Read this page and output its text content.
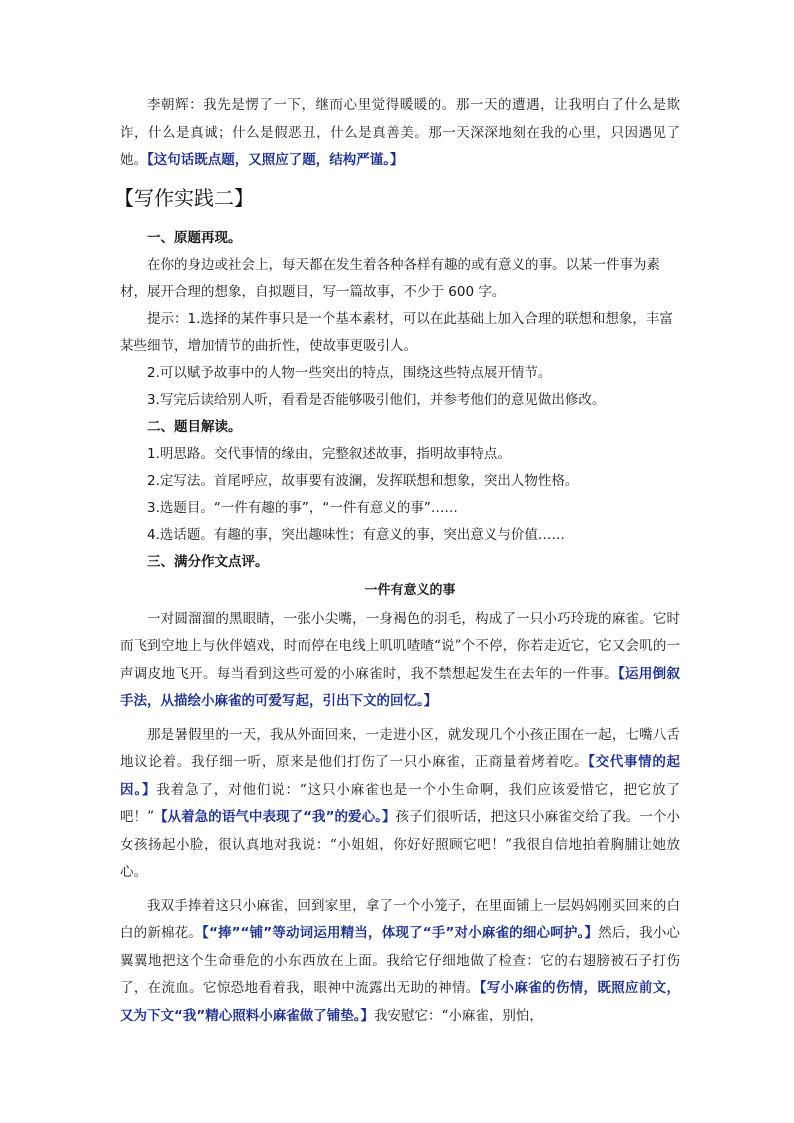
李朝辉：我先是愣了一下，继而心里觉得暖暖的。那一天的遭遇，让我明白了什么是欺诈，什么是真诚；什么是假恶丑，什么是真善美。那一天深深地刻在我的心里，只因遇见了她。【这句话既点题，又照应了题，结构严谨。】

【写作实践二】

一、原题再现。

在你的身边或社会上，每天都在发生着各种各样有趣的或有意义的事。以某一件事为素材，展开合理的想象，自拟题目，写一篇故事，不少于 600 字。

提示：1.选择的某件事只是一个基本素材，可以在此基础上加入合理的联想和想象，丰富某些细节，增加情节的曲折性，使故事更吸引人。

2.可以赋予故事中的人物一些突出的特点，围绕这些特点展开情节。

3.写完后读给别人听，看看是否能够吸引他们，并参考他们的意见做出修改。

二、题目解读。

1.明思路。交代事情的缘由，完整叙述故事，指明故事特点。

2.定写法。首尾呼应，故事要有波澜，发挥联想和想象，突出人物性格。

3.选题目。“一件有趣的事”，“一件有意义的事”……

4.选话题。有趣的事，突出趣味性；有意义的事，突出意义与价值……

三、满分作文点评。

一件有意义的事

一对圆溜溜的黑眼睛，一张小尖嘴，一身褐色的羽毛，构成了一只小巧玲珑的麻雀。它时而飞到空地上与伙伴嬉戏，时而停在电线上叽叽喳喳“说”个不停，你若走近它，它又会叽的一声调皮地飞开。每当看到这些可爱的小麻雀时，我不禁想起发生在去年的一件事。【运用倒叙手法，从描绘小麻雀的可爱写起，引出下文的回忆。】

那是暑假里的一天，我从外面回来，一走进小区，就发现几个小孩正围在一起，七嘴八舌地议论着。我仔细一听，原来是他们打伤了一只小麻雀，正商量着烤着吃。【交代事情的起因。】我着急了，对他们说：“这只小麻雀也是一个小生命啊，我们应该爱惜它，把它放了吧！”【从着急的语气中表现了“我”的爱心。】孩子们很听话，把这只小麻雀交给了我。一个小女孩扬起小脸，很认真地对我说：“小姐姐，你好好照顾它吧！”我很自信地拍着胸脯让她放心。

我双手捧着这只小麻雀，回到家里，拿了一个小笼子，在里面铺上一层妈妈刚买回来的白白的新棉花。【“捧”“铺”等动词运用精当，体现了“手”对小麻雀的细心呵护。】然后，我小心翼翼地把这个生命垂危的小东西放在上面。我给它仔细地做了检查：它的右翅膀被石子打伤了，在流血。它惊恐地看着我，眼神中流露出无助的神情。【写小麻雀的伤情，既照应前文，又为下文“我”精心照料小麻雀做了铺垫。】我安慰它：“小麻雀，别怕，
